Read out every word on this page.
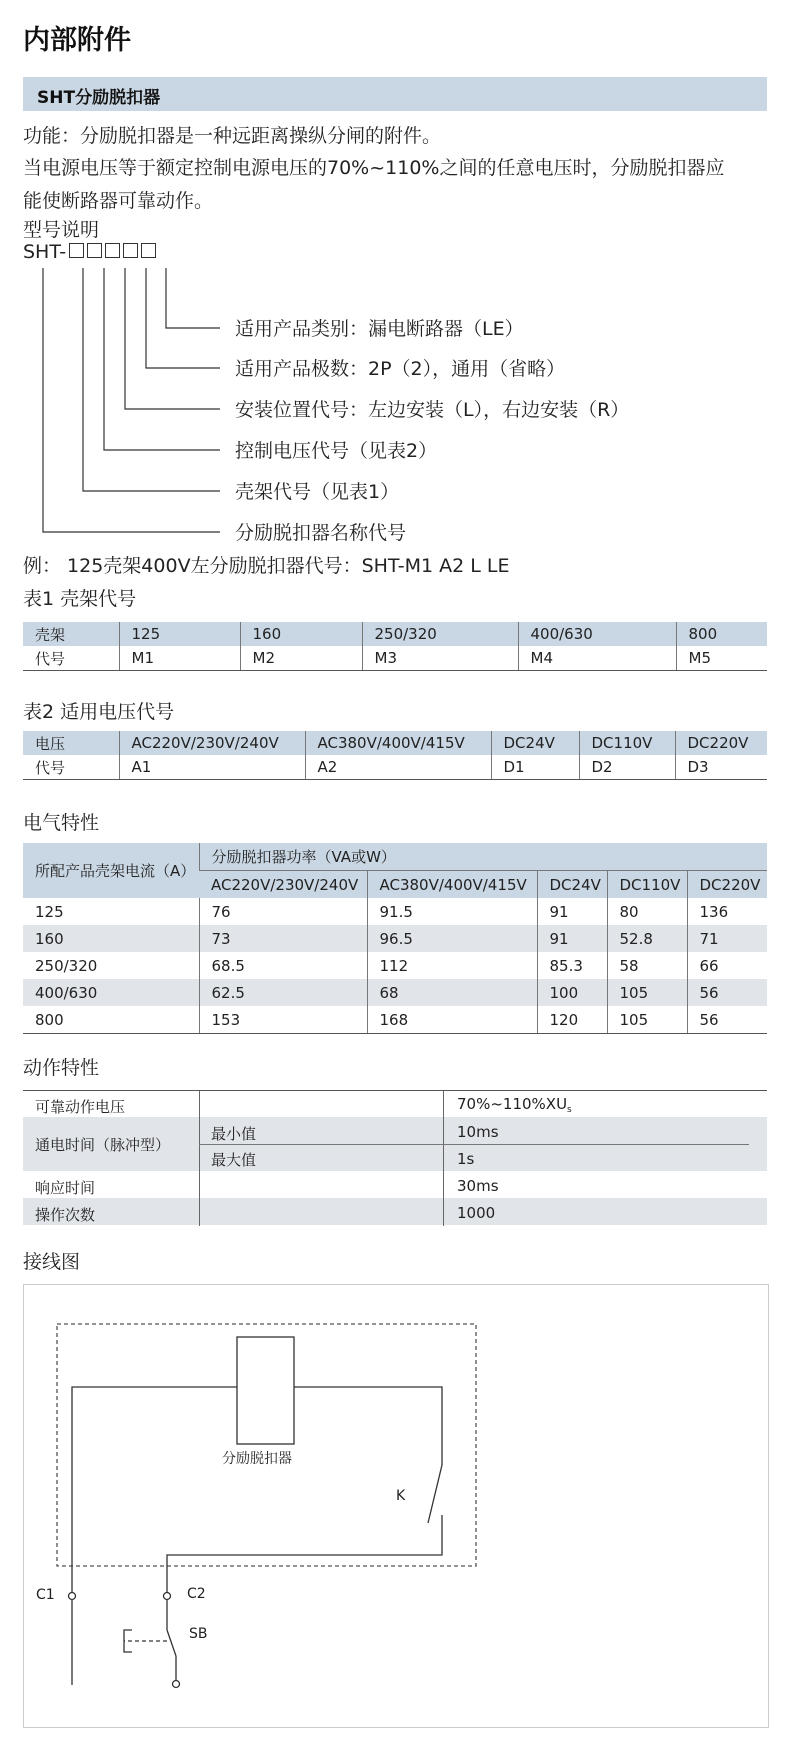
内部附件
SHT分励脱扣器
功能：分励脱扣器是一种远距离操纵分闸的附件。
当电源电压等于额定控制电源电压的70%~110%之间的任意电压时，分励脱扣器应
能使断路器可靠动作。
型号说明
SHT-
适用产品类别：漏电断路器（LE）
适用产品极数：2P（2），通用（省略）
安装位置代号：左边安装（L），右边安装（R）
控制电压代号（见表2）
壳架代号（见表1）
分励脱扣器名称代号
例： 125壳架400V左分励脱扣器代号：SHT-M1 A2 L LE
表1 壳架代号
壳架	125	160	250/320	400/630	800
代号	M1	M2	M3	M4	M5
表2 适用电压代号
电压	AC220V/230V/240V	AC380V/400V/415V	DC24V	DC110V	DC220V
代号	A1	A2	D1	D2	D3
电气特性
所配产品壳架电流（A）	分励脱扣器功率（VA或W）				
	AC220V/230V/240V	AC380V/400V/415V	DC24V	DC110V	DC220V
125	76	91.5	91	80	136
160	73	96.5	91	52.8	71
250/320	68.5	112	85.3	58	66
400/630	62.5	68	100	105	56
800	153	168	120	105	56
动作特性
可靠动作电压	$70\%\sim 110\%XU_s$
通电时间（脉冲型）
最小值	10ms
最大值	1s
响应时间	30ms
操作次数	1000
接线图
分励脱扣器
K
C1	C2
SB
